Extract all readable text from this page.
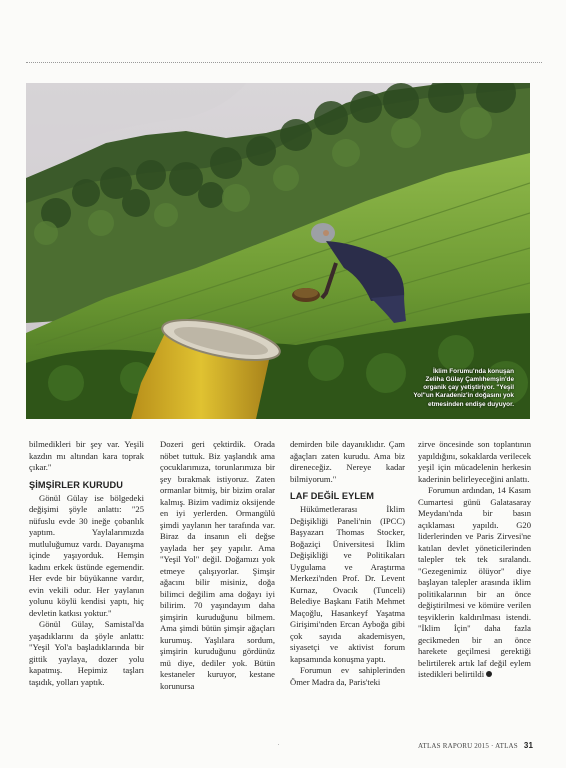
İklim Forumu'nda konuşan
Zeliha Gülay Çamlıhemşin'de
organik çay yetiştiriyor. "Yeşil
Yol"un Karadeniz'in doğasını yok
etmesinden endişe duyuyor.

bilmedikleri bir şey var. Yeşili kazdın mı altından kara toprak çıkar."

ŞİMŞİRLER KURUDU

Gönül Gülay ise bölgedeki değişimi şöyle anlattı: "25 nüfuslu evde 30 ineğe çobanlık yaptım. Yaylalarımızda mutluluğumuz vardı. Dayanışma içinde yaşıyorduk. Hemşin kadını erkek üstünde egemendir. Her evde bir büyükanne vardır, evin vekili odur. Her yaylanın yolunu köylü kendisi yaptı, hiç devletin katkısı yoktur."

Gönül Gülay, Samistal'da yaşadıklarını da şöyle anlattı: "Yeşil Yol'a başladıklarında bir gittik yaylaya, dozer yolu kapatmış. Hepimiz taşları taşıdık, yolları yaptık.

Dozeri geri çektirdik. Orada nöbet tuttuk. Biz yaşlandık ama çocuklarımıza, torunlarımıza bir şey bırakmak istiyoruz. Zaten ormanlar bitmiş, bir bizim oralar kalmış. Bizim vadimiz oksijende en iyi yerlerden. Ormangülü şimdi yaylanın her tarafında var. Biraz da insanın eli değse yaylada her şey yapılır. Ama "Yeşil Yol" değil. Doğamızı yok etmeye çalışıyorlar. Şimşir ağacını bilir misiniz, doğa bilimci değilim ama doğayı iyi bilirim. 70 yaşındayım daha şimşirin kuruduğunu bilmem. Ama şimdi bütün şimşir ağaçları kurumuş. Yaşlılara sordum, şimşirin kuruduğunu gördünüz mü diye, dediler yok. Bütün kestaneler kuruyor, kestane korunursa

demirden bile dayanıklıdır. Çam ağaçları zaten kurudu. Ama biz direneceğiz. Nereye kadar bilmiyorum."

LAF DEĞİL EYLEM

Hükümetlerarası İklim Değişikliği Paneli'nin (IPCC) Başyazarı Thomas Stocker, Boğaziçi Üniversitesi İklim Değişikliği ve Politikaları Uygulama ve Araştırma Merkezi'nden Prof. Dr. Levent Kurnaz, Ovacık (Tunceli) Belediye Başkanı Fatih Mehmet Maçoğlu, Hasankeyf Yaşatma Girişimi'nden Ercan Ayboğa gibi çok sayıda akademisyen, siyasetçi ve aktivist forum kapsamında konuşma yaptı.

Forumun ev sahiplerinden Ömer Madra da, Paris'teki

zirve öncesinde son toplantının yapıldığını, sokaklarda verilecek yeşil için mücadelenin herkesin kaderinin belirleyeceğini anlattı.

Forumun ardından, 14 Kasım Cumartesi günü Galatasaray Meydanı'nda bir basın açıklaması yapıldı. G20 liderlerinden ve Paris Zirvesi'ne katılan devlet yöneticilerinden talepler tek tek sıralandı. "Gezegenimiz ölüyor" diye başlayan talepler arasında iklim politikalarının bir an önce değiştirilmesi ve kömüre verilen teşviklerin kaldırılması istendi. "İklim İçin" daha fazla gecikmeden bir an önce harekete geçilmesi gerektiği belirtilerek artık laf değil eylem istedikleri belirtildi

ATLAS RAPORU 2015 · ATLAS 31
